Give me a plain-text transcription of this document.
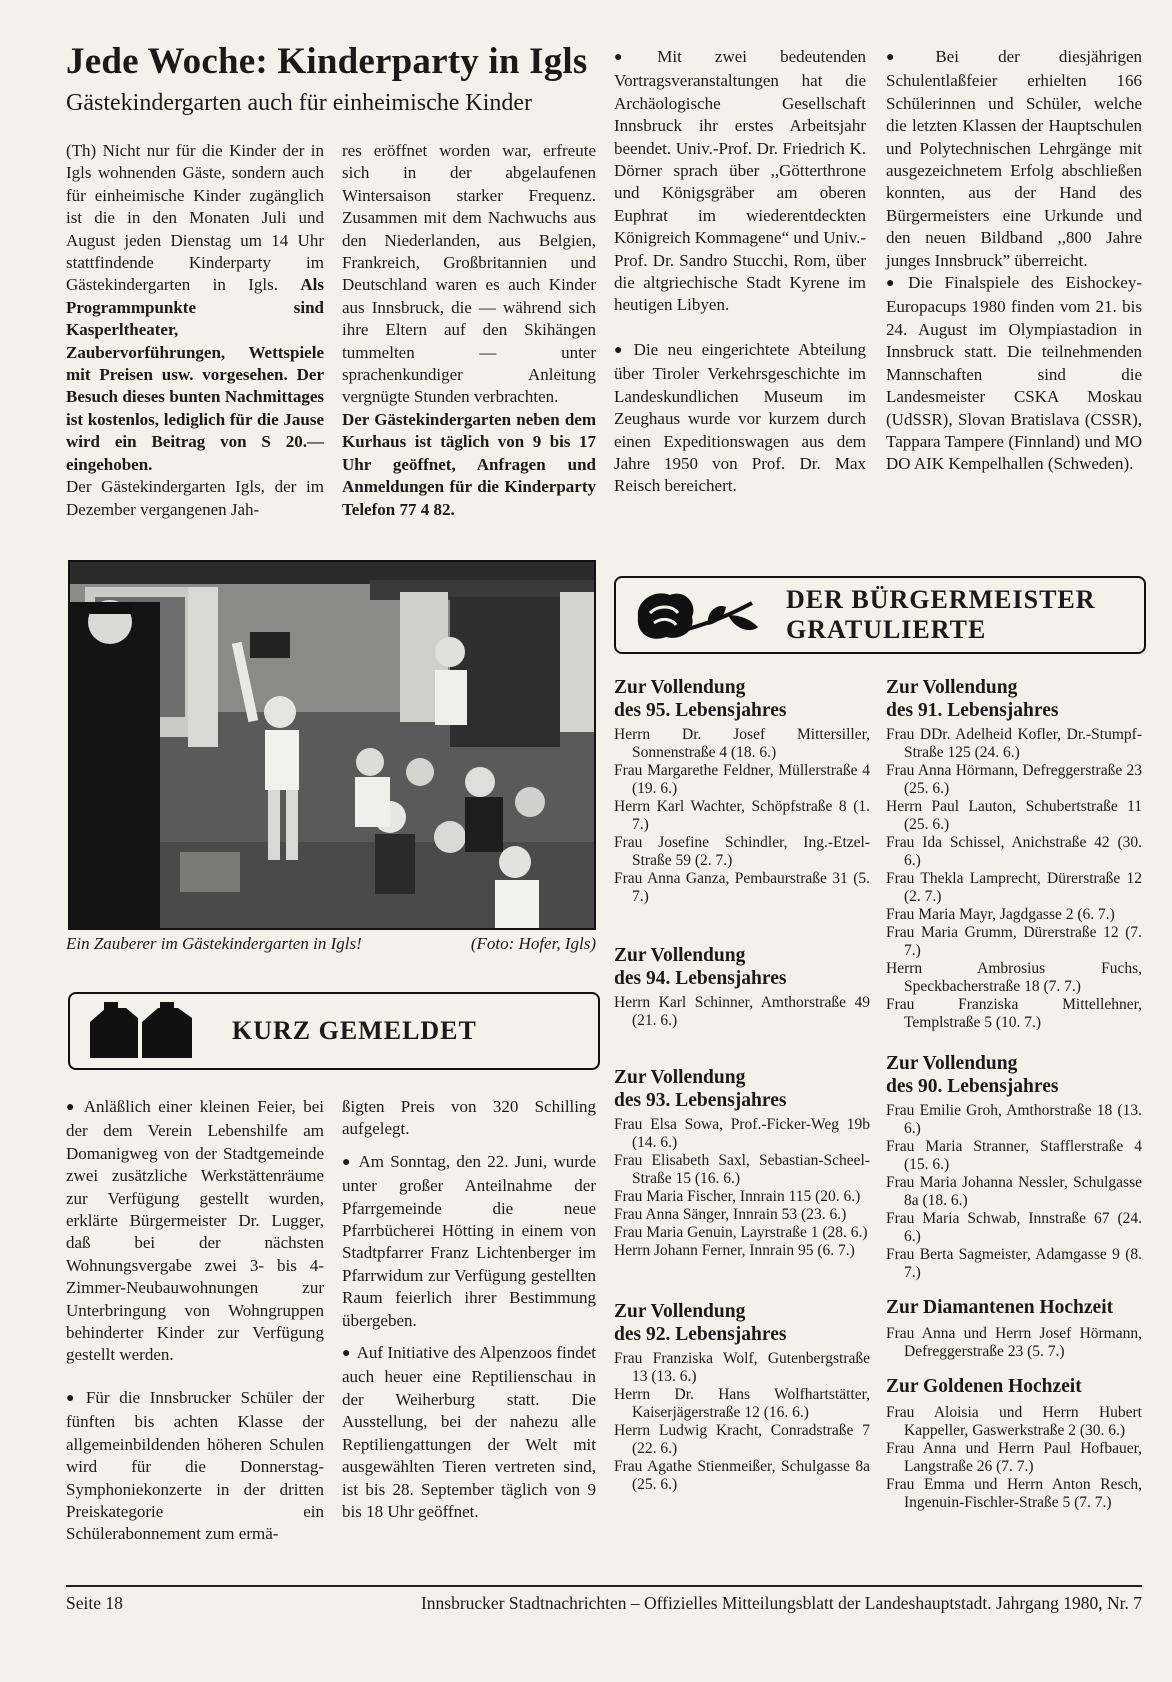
Jede Woche: Kinderparty in Igls
Gästekindergarten auch für einheimische Kinder

(Th) Nicht nur für die Kinder der in Igls wohnenden Gäste, sondern auch für einheimische Kinder zugänglich ist die in den Monaten Juli und August jeden Dienstag um 14 Uhr stattfindende Kinderparty im Gästekindergarten in Igls. Als Programmpunkte sind Kasperltheater, Zaubervorführungen, Wettspiele mit Preisen usw. vorgesehen. Der Besuch dieses bunten Nachmittages ist kostenlos, lediglich für die Jause wird ein Beitrag von S 20.— eingehoben.

Der Gästekindergarten Igls, der im Dezember vergangenen Jah-

res eröffnet worden war, erfreute sich in der abgelaufenen Wintersaison starker Frequenz. Zusammen mit dem Nachwuchs aus den Niederlanden, aus Belgien, Frankreich, Großbritannien und Deutschland waren es auch Kinder aus Innsbruck, die — während sich ihre Eltern auf den Skihängen tummelten — unter sprachenkundiger Anleitung vergnügte Stunden verbrachten.

Der Gästekindergarten neben dem Kurhaus ist täglich von 9 bis 17 Uhr geöffnet, Anfragen und Anmeldungen für die Kinderparty Telefon 77 4 82.

● Mit zwei bedeutenden Vortragsveranstaltungen hat die Archäologische Gesellschaft Innsbruck ihr erstes Arbeitsjahr beendet. Univ.-Prof. Dr. Friedrich K. Dörner sprach über ,,Götterthrone und Königsgräber am oberen Euphrat im wiederentdeckten Königreich Kommagene“ und Univ.-Prof. Dr. Sandro Stucchi, Rom, über die altgriechische Stadt Kyrene im heutigen Libyen.

● Die neu eingerichtete Abteilung über Tiroler Verkehrsgeschichte im Landeskundlichen Museum im Zeughaus wurde vor kurzem durch einen Expeditionswagen aus dem Jahre 1950 von Prof. Dr. Max Reisch bereichert.

● Bei der diesjährigen Schulentlaßfeier erhielten 166 Schülerinnen und Schüler, welche die letzten Klassen der Hauptschulen und Polytechnischen Lehrgänge mit ausgezeichnetem Erfolg abschließen konnten, aus der Hand des Bürgermeisters eine Urkunde und den neuen Bildband ,,800 Jahre junges Innsbruck” überreicht.

● Die Finalspiele des Eishockey-Europacups 1980 finden vom 21. bis 24. August im Olympiastadion in Innsbruck statt. Die teilnehmenden Mannschaften sind die Landesmeister CSKA Moskau (UdSSR), Slovan Bratislava (CSSR), Tappara Tampere (Finnland) und MO DO AIK Kempelhallen (Schweden).

Ein Zauberer im Gästekindergarten in Igls!	(Foto: Hofer, Igls)
KURZ GEMELDET

● Anläßlich einer kleinen Feier, bei der dem Verein Lebenshilfe am Domanigweg von der Stadtgemeinde zwei zusätzliche Werkstättenräume zur Verfügung gestellt wurden, erklärte Bürgermeister Dr. Lugger, daß bei der nächsten Wohnungsvergabe zwei 3- bis 4-Zimmer-Neubauwohnungen zur Unterbringung von Wohngruppen behinderter Kinder zur Verfügung gestellt werden.

● Für die Innsbrucker Schüler der fünften bis achten Klasse der allgemeinbildenden höheren Schulen wird für die Donnerstag-Symphoniekonzerte in der dritten Preiskategorie ein Schülerabonnement zum ermä-

ßigten Preis von 320 Schilling aufgelegt.

● Am Sonntag, den 22. Juni, wurde unter großer Anteilnahme der Pfarrgemeinde die neue Pfarrbücherei Hötting in einem von Stadtpfarrer Franz Lichtenberger im Pfarrwidum zur Verfügung gestellten Raum feierlich ihrer Bestimmung übergeben.

● Auf Initiative des Alpenzoos findet auch heuer eine Reptilienschau in der Weiherburg statt. Die Ausstellung, bei der nahezu alle Reptiliengattungen der Welt mit ausgewählten Tieren vertreten sind, ist bis 28. September täglich von 9 bis 18 Uhr geöffnet.

DER BÜRGERMEISTER
GRATULIERTE
Zur Vollendung
des 95. Lebensjahres
Herrn Dr. Josef Mittersiller, Sonnenstraße 4 (18. 6.)
Frau Margarethe Feldner, Müllerstraße 4 (19. 6.)
Herrn Karl Wachter, Schöpfstraße 8 (1. 7.)
Frau Josefine Schindler, Ing.-Etzel-Straße 59 (2. 7.)
Frau Anna Ganza, Pembaurstraße 31 (5. 7.)
Zur Vollendung
des 94. Lebensjahres
Herrn Karl Schinner, Amthorstraße 49 (21. 6.)
Zur Vollendung
des 93. Lebensjahres
Frau Elsa Sowa, Prof.-Ficker-Weg 19b (14. 6.)
Frau Elisabeth Saxl, Sebastian-Scheel-Straße 15 (16. 6.)
Frau Maria Fischer, Innrain 115 (20. 6.)
Frau Anna Sänger, Innrain 53 (23. 6.)
Frau Maria Genuin, Layrstraße 1 (28. 6.)
Herrn Johann Ferner, Innrain 95 (6. 7.)
Zur Vollendung
des 92. Lebensjahres
Frau Franziska Wolf, Gutenbergstraße 13 (13. 6.)
Herrn Dr. Hans Wolfhartstätter, Kaiserjägerstraße 12 (16. 6.)
Herrn Ludwig Kracht, Conradstraße 7 (22. 6.)
Frau Agathe Stienmeißer, Schulgasse 8a (25. 6.)
Zur Vollendung
des 91. Lebensjahres
Frau DDr. Adelheid Kofler, Dr.-Stumpf-Straße 125 (24. 6.)
Frau Anna Hörmann, Defreggerstraße 23 (25. 6.)
Herrn Paul Lauton, Schubertstraße 11 (25. 6.)
Frau Ida Schissel, Anichstraße 42 (30. 6.)
Frau Thekla Lamprecht, Dürerstraße 12 (2. 7.)
Frau Maria Mayr, Jagdgasse 2 (6. 7.)
Frau Maria Grumm, Dürerstraße 12 (7. 7.)
Herrn Ambrosius Fuchs, Speckbacherstraße 18 (7. 7.)
Frau Franziska Mittellehner, Templstraße 5 (10. 7.)
Zur Vollendung
des 90. Lebensjahres
Frau Emilie Groh, Amthorstraße 18 (13. 6.)
Frau Maria Stranner, Stafflerstraße 4 (15. 6.)
Frau Maria Johanna Nessler, Schulgasse 8a (18. 6.)
Frau Maria Schwab, Innstraße 67 (24. 6.)
Frau Berta Sagmeister, Adamgasse 9 (8. 7.)
Zur Diamantenen Hochzeit
Frau Anna und Herrn Josef Hörmann, Defreggerstraße 23 (5. 7.)
Zur Goldenen Hochzeit
Frau Aloisia und Herrn Hubert Kappeller, Gaswerkstraße 2 (30. 6.)
Frau Anna und Herrn Paul Hofbauer, Langstraße 26 (7. 7.)
Frau Emma und Herrn Anton Resch, Ingenuin-Fischler-Straße 5 (7. 7.)
Seite 18	Innsbrucker Stadtnachrichten – Offizielles Mitteilungsblatt der Landeshauptstadt. Jahrgang 1980, Nr. 7
